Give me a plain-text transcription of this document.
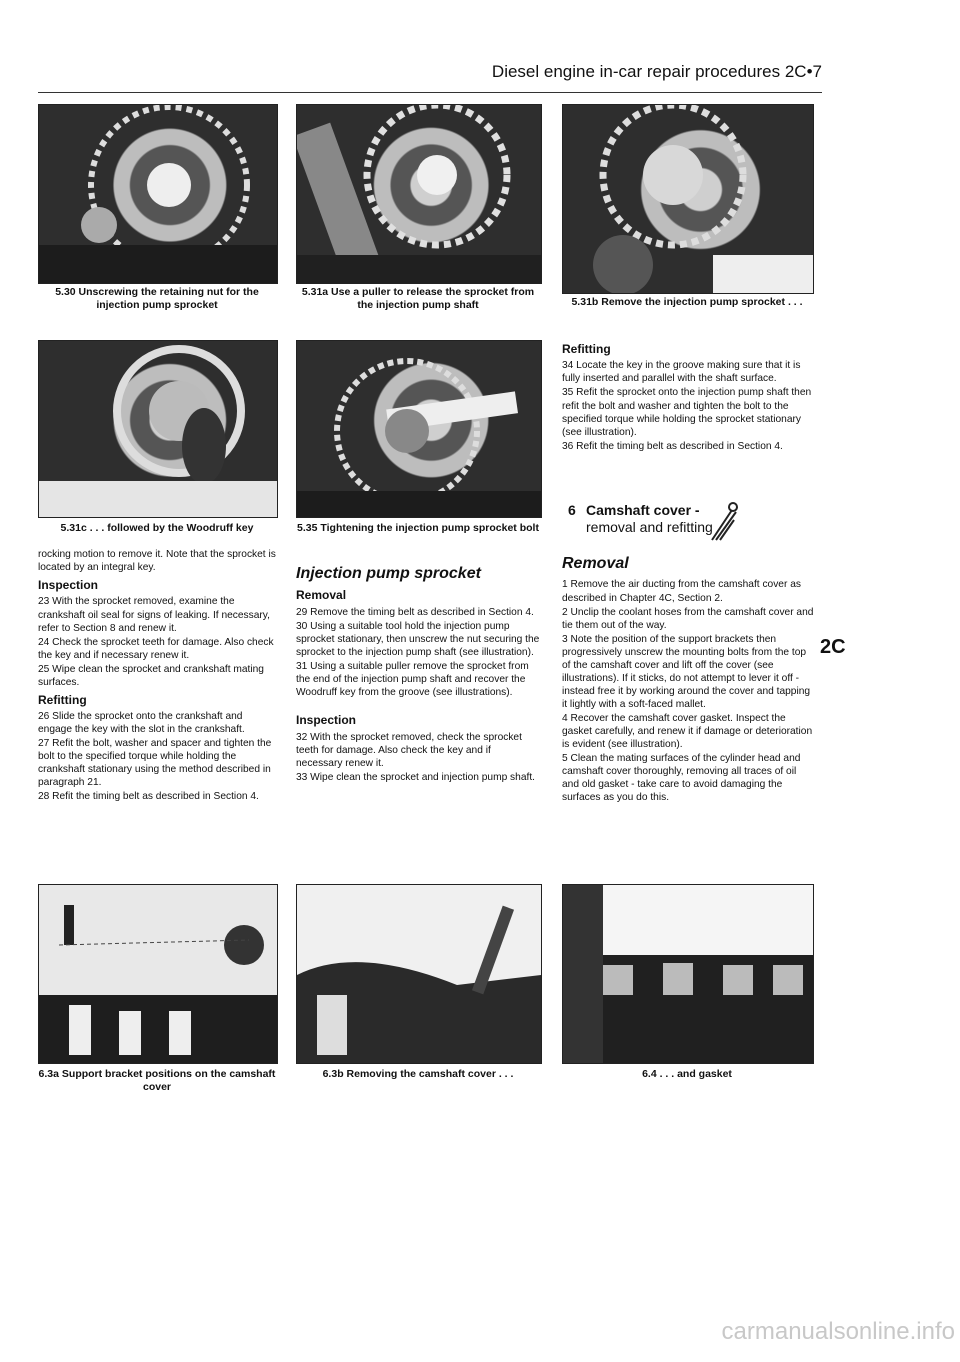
Diesel engine in-car repair procedures 2C•7
5.30 Unscrewing the retaining nut for the injection pump sprocket
5.31a Use a puller to release the sprocket from the injection pump shaft	5.31b Remove the injection pump sprocket . . .
5.31c . . . followed by the Woodruff key	5.35 Tightening the injection pump sprocket bolt

rocking motion to remove it. Note that the sprocket is located by an integral key.

Inspection

23 With the sprocket removed, examine the crankshaft oil seal for signs of leaking. If necessary, refer to Section 8 and renew it.

24 Check the sprocket teeth for damage. Also check the key and if necessary renew it.

25 Wipe clean the sprocket and crankshaft mating surfaces.

Refitting

26 Slide the sprocket onto the crankshaft and engage the key with the slot in the crankshaft.

27 Refit the bolt, washer and spacer and tighten the bolt to the specified torque while holding the crankshaft stationary using the method described in paragraph 21.

28 Refit the timing belt as described in Section 4.

Injection pump sprocket
Removal

29 Remove the timing belt as described in Section 4.

30 Using a suitable tool hold the injection pump sprocket stationary, then unscrew the nut securing the sprocket to the injection pump shaft (see illustration).

31 Using a suitable puller remove the sprocket from the end of the injection pump shaft and recover the Woodruff key from the groove (see illustrations).

Inspection

32 With the sprocket removed, check the sprocket teeth for damage. Also check the key and if necessary renew it.

33 Wipe clean the sprocket and injection pump shaft.

Refitting

34 Locate the key in the groove making sure that it is fully inserted and parallel with the shaft surface.

35 Refit the sprocket onto the injection pump shaft then refit the bolt and washer and tighten the bolt to the specified torque while holding the sprocket stationary (see illustration).

36 Refit the timing belt as described in Section 4.

6 Camshaft cover -
removal and refitting
Removal

1 Remove the air ducting from the camshaft cover as described in Chapter 4C, Section 2.

2 Unclip the coolant hoses from the camshaft cover and tie them out of the way.

3 Note the position of the support brackets then progressively unscrew the mounting bolts from the top of the camshaft cover and lift off the cover (see illustrations). If it sticks, do not attempt to lever it off - instead free it by working around the cover and tapping it lightly with a soft-faced mallet.

4 Recover the camshaft cover gasket. Inspect the gasket carefully, and renew it if damage or deterioration is evident (see illustration).

5 Clean the mating surfaces of the cylinder head and camshaft cover thoroughly, removing all traces of oil and old gasket - take care to avoid damaging the surfaces as you do this.

2C
6.3a Support bracket positions on the camshaft cover
6.3b Removing the camshaft cover . . .	6.4 . . . and gasket
carmanualsonline.info
